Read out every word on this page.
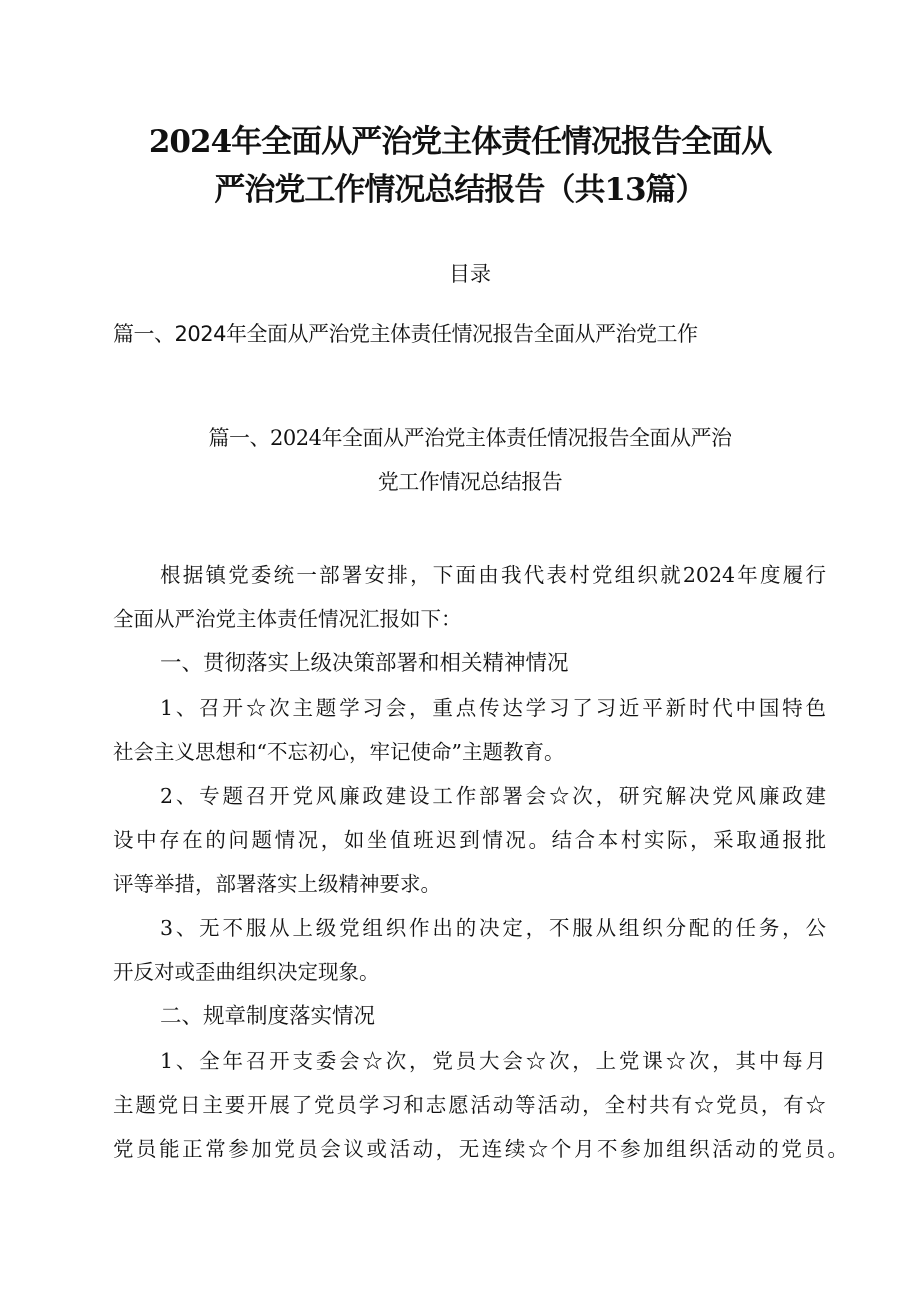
2024年全面从严治党主体责任情况报告全面从
严治党工作情况总结报告（共13篇）
目录
篇一、2024年全面从严治党主体责任情况报告全面从严治党工作
篇一、2024年全面从严治党主体责任情况报告全面从严治
党工作情况总结报告
根据镇党委统一部署安排，下面由我代表村党组织就2024年度履行
全面从严治党主体责任情况汇报如下：
一、贯彻落实上级决策部署和相关精神情况
1、召开☆次主题学习会，重点传达学习了习近平新时代中国特色
社会主义思想和“不忘初心，牢记使命”主题教育。
2、专题召开党风廉政建设工作部署会☆次，研究解决党风廉政建
设中存在的问题情况，如坐值班迟到情况。结合本村实际，采取通报批
评等举措，部署落实上级精神要求。
3、无不服从上级党组织作出的决定，不服从组织分配的任务，公
开反对或歪曲组织决定现象。
二、规章制度落实情况
1、全年召开支委会☆次，党员大会☆次，上党课☆次，其中每月
主题党日主要开展了党员学习和志愿活动等活动，全村共有☆党员，有☆
党员能正常参加党员会议或活动，无连续☆个月不参加组织活动的党员。
